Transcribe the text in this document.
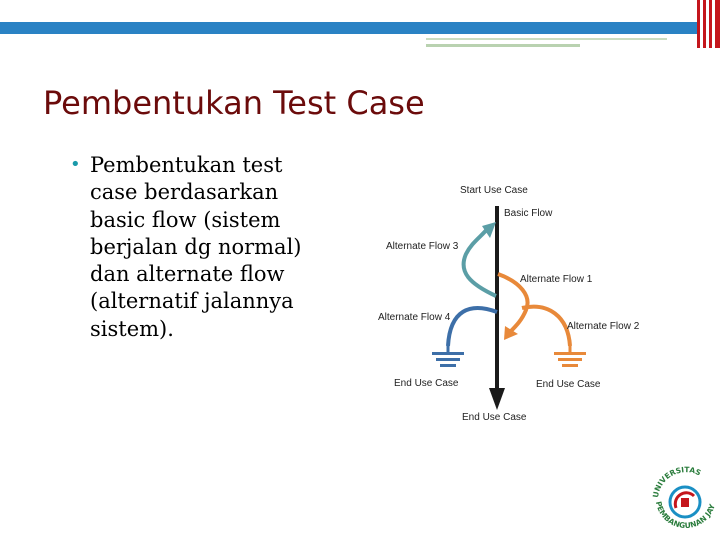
Pembentukan Test Case
• Pembentukan test case berdasarkan basic flow (sistem berjalan dg normal) dan alternate flow (alternatif jalannya sistem).
Start Use Case
Basic Flow
Alternate Flow 3
Alternate Flow 1
Alternate Flow 4
Alternate Flow 2
End Use Case	End Use Case
End Use Case
UNIVERSITAS
PEMBANGUNAN JAY
